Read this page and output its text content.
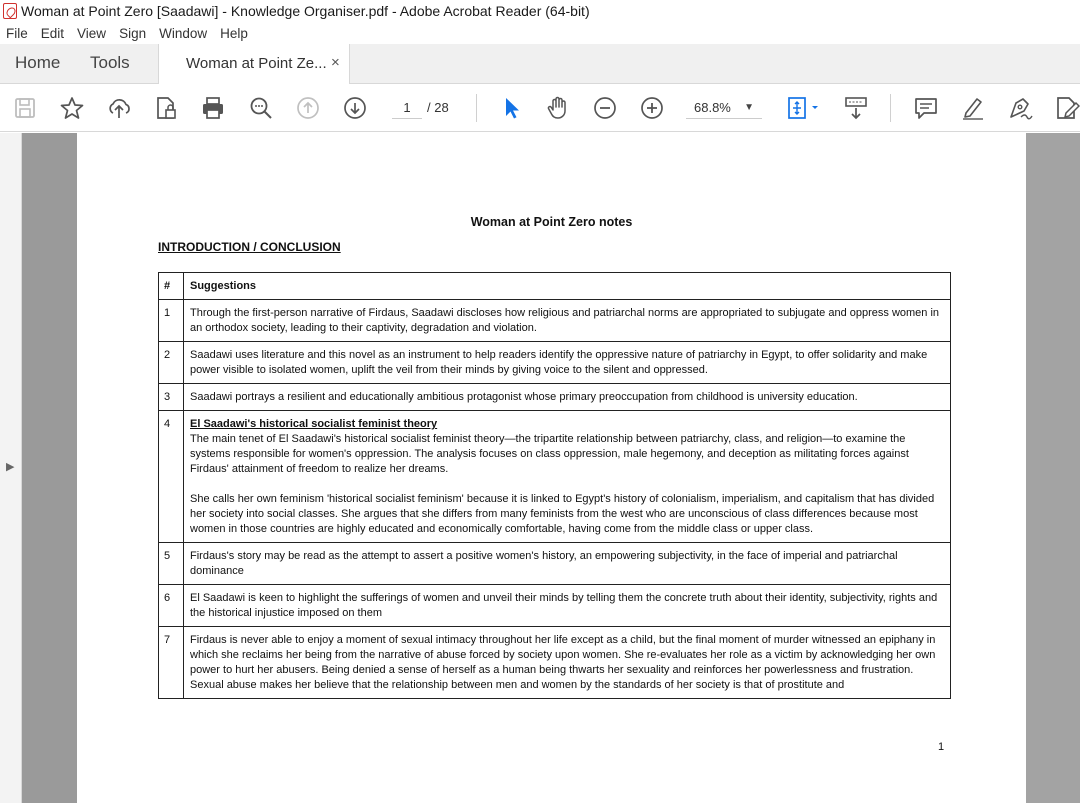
Woman at Point Zero [Saadawi] - Knowledge Organiser.pdf - Adobe Acrobat Reader (64-bit)
File Edit View Sign Window Help
Home Tools	Woman at Point Ze... ×
1	/ 28	68.8% ▼
▶
Woman at Point Zero notes
INTRODUCTION / CONCLUSION
#	Suggestions
1	Through the first-person narrative of Firdaus, Saadawi discloses how religious and patriarchal norms are appropriated to subjugate and oppress women in an orthodox society, leading to their captivity, degradation and violation.
2	Saadawi uses literature and this novel as an instrument to help readers identify the oppressive nature of patriarchy in Egypt, to offer solidarity and make power visible to isolated women, uplift the veil from their minds by giving voice to the silent and oppressed.
3	Saadawi portrays a resilient and educationally ambitious protagonist whose primary preoccupation from childhood is university education.
4	El Saadawi's historical socialist feminist theory
The main tenet of El Saadawi's historical socialist feminist theory—the tripartite relationship between patriarchy, class, and religion—to examine the systems responsible for women's oppression. The analysis focuses on class oppression, male hegemony, and deception as militating forces against Firdaus' attainment of freedom to realize her dreams.
She calls her own feminism 'historical socialist feminism' because it is linked to Egypt's history of colonialism, imperialism, and capitalism that has divided her society into social classes. She argues that she differs from many feminists from the west who are unconscious of class differences because most women in those countries are highly educated and economically comfortable, having come from the middle class or upper class.
5	Firdaus's story may be read as the attempt to assert a positive women's history, an empowering subjectivity, in the face of imperial and patriarchal dominance
6	El Saadawi is keen to highlight the sufferings of women and unveil their minds by telling them the concrete truth about their identity, subjectivity, rights and the historical injustice imposed on them
7	Firdaus is never able to enjoy a moment of sexual intimacy throughout her life except as a child, but the final moment of murder witnessed an epiphany in which she reclaims her being from the narrative of abuse forced by society upon women. She re-evaluates her role as a victim by acknowledging her own power to hurt her abusers. Being denied a sense of herself as a human being thwarts her sexuality and reinforces her powerlessness and frustration. Sexual abuse makes her believe that the relationship between men and women by the standards of her society is that of prostitute and
1
